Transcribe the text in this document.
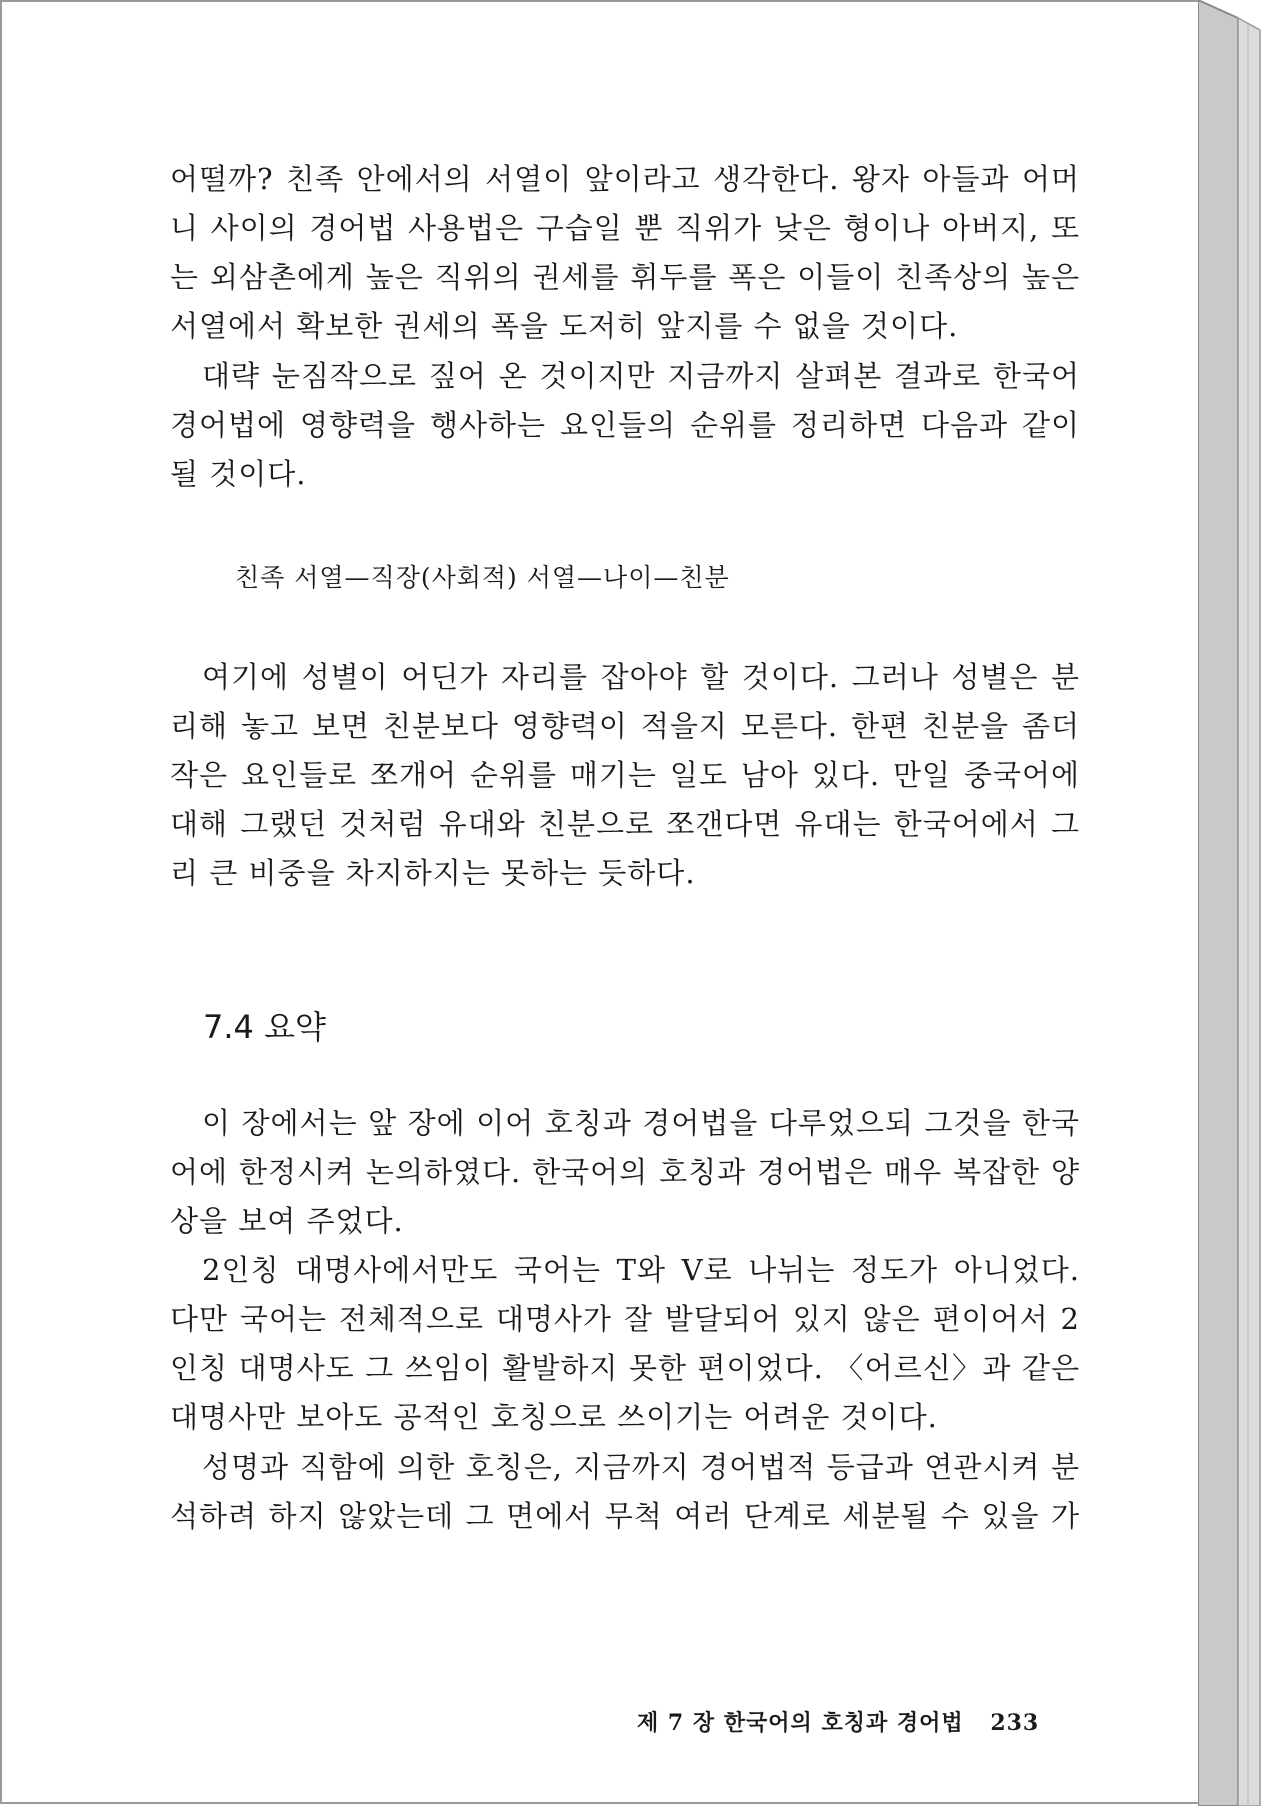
어떨까? 친족 안에서의 서열이 앞이라고 생각한다. 왕자 아들과 어머
니 사이의 경어법 사용법은 구습일 뿐 직위가 낮은 형이나 아버지, 또
는 외삼촌에게 높은 직위의 권세를 휘두를 폭은 이들이 친족상의 높은
서열에서 확보한 권세의 폭을 도저히 앞지를 수 없을 것이다.
대략 눈짐작으로 짚어 온 것이지만 지금까지 살펴본 결과로 한국어
경어법에 영향력을 행사하는 요인들의 순위를 정리하면 다음과 같이
될 것이다.
친족 서열—직장(사회적) 서열—나이—친분
여기에 성별이 어딘가 자리를 잡아야 할 것이다. 그러나 성별은 분
리해 놓고 보면 친분보다 영향력이 적을지 모른다. 한편 친분을 좀더
작은 요인들로 쪼개어 순위를 매기는 일도 남아 있다. 만일 중국어에
대해 그랬던 것처럼 유대와 친분으로 쪼갠다면 유대는 한국어에서 그
리 큰 비중을 차지하지는 못하는 듯하다.
7.4 요약
이 장에서는 앞 장에 이어 호칭과 경어법을 다루었으되 그것을 한국
어에 한정시켜 논의하였다. 한국어의 호칭과 경어법은 매우 복잡한 양
상을 보여 주었다.
2인칭 대명사에서만도 국어는 T와 V로 나뉘는 정도가 아니었다.
다만 국어는 전체적으로 대명사가 잘 발달되어 있지 않은 편이어서 2
인칭 대명사도 그 쓰임이 활발하지 못한 편이었다. 〈어르신〉과 같은
대명사만 보아도 공적인 호칭으로 쓰이기는 어려운 것이다.
성명과 직함에 의한 호칭은, 지금까지 경어법적 등급과 연관시켜 분
석하려 하지 않았는데 그 면에서 무척 여러 단계로 세분될 수 있을 가
제 7 장 한국어의 호칭과 경어법 233
